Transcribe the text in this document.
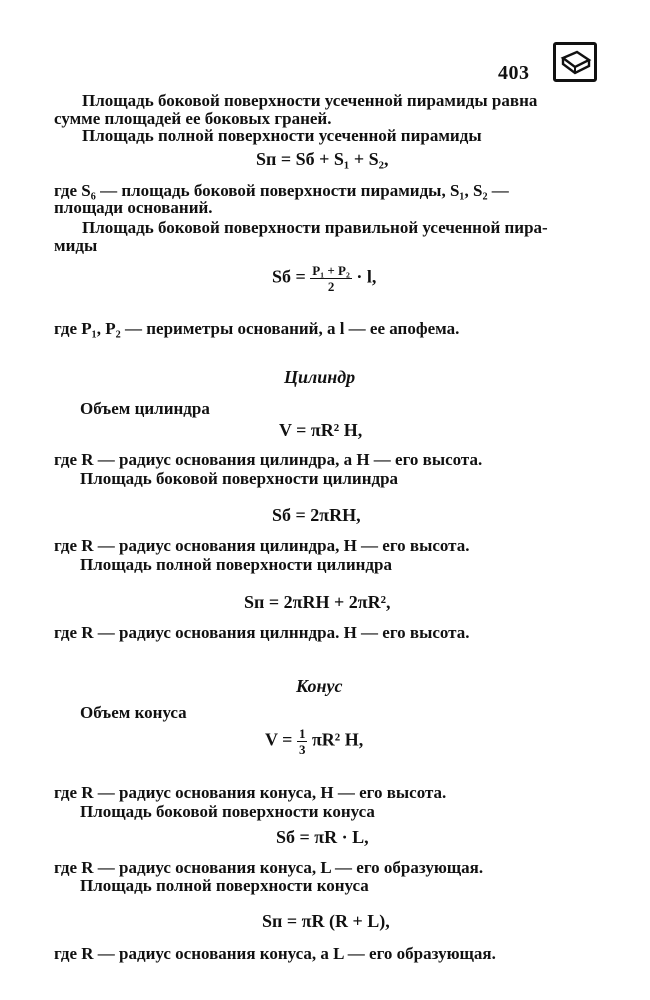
403
Площадь боковой поверхности усеченной пирамиды равна
сумме площадей ее боковых граней.
Площадь полной поверхности усеченной пирамиды
Sп = Sб + S₁ + S₂,
где S₆ — площадь боковой поверхности пирамиды, S₁, S₂ —
площади оснований.
Площадь боковой поверхности правильной усеченной пира-
миды
Sб = $\frac{\text{P₁ + P₂}}{2} \cdot l$,
где P₁, P₂ — периметры оснований, а l — ее апофема.
Цилиндр
Объем цилиндра
V = πR² H,
где R — радиус основания цилиндра, а H — его высота.
Площадь боковой поверхности цилиндра
Sб = 2πRH,
где R — радиус основания цилиндра, H — его высота.
Площадь полной поверхности цилиндра
Sп = 2πRH + 2πR²,
где R — радиус основания цилнндра. H — его высота.
Конус
Объем конуса
$V = \frac{1}{3} \pi R^2$ H,
где R — радиус основания конуса, H — его высота.
Площадь боковой поверхности конуса
Sб = πR · L,
где R — радиус основания конуса, L — его образующая.
Площадь полной поверхности конуса
Sп = πR (R + L),
где R — радиус основания конуса, а L — его образующая.
